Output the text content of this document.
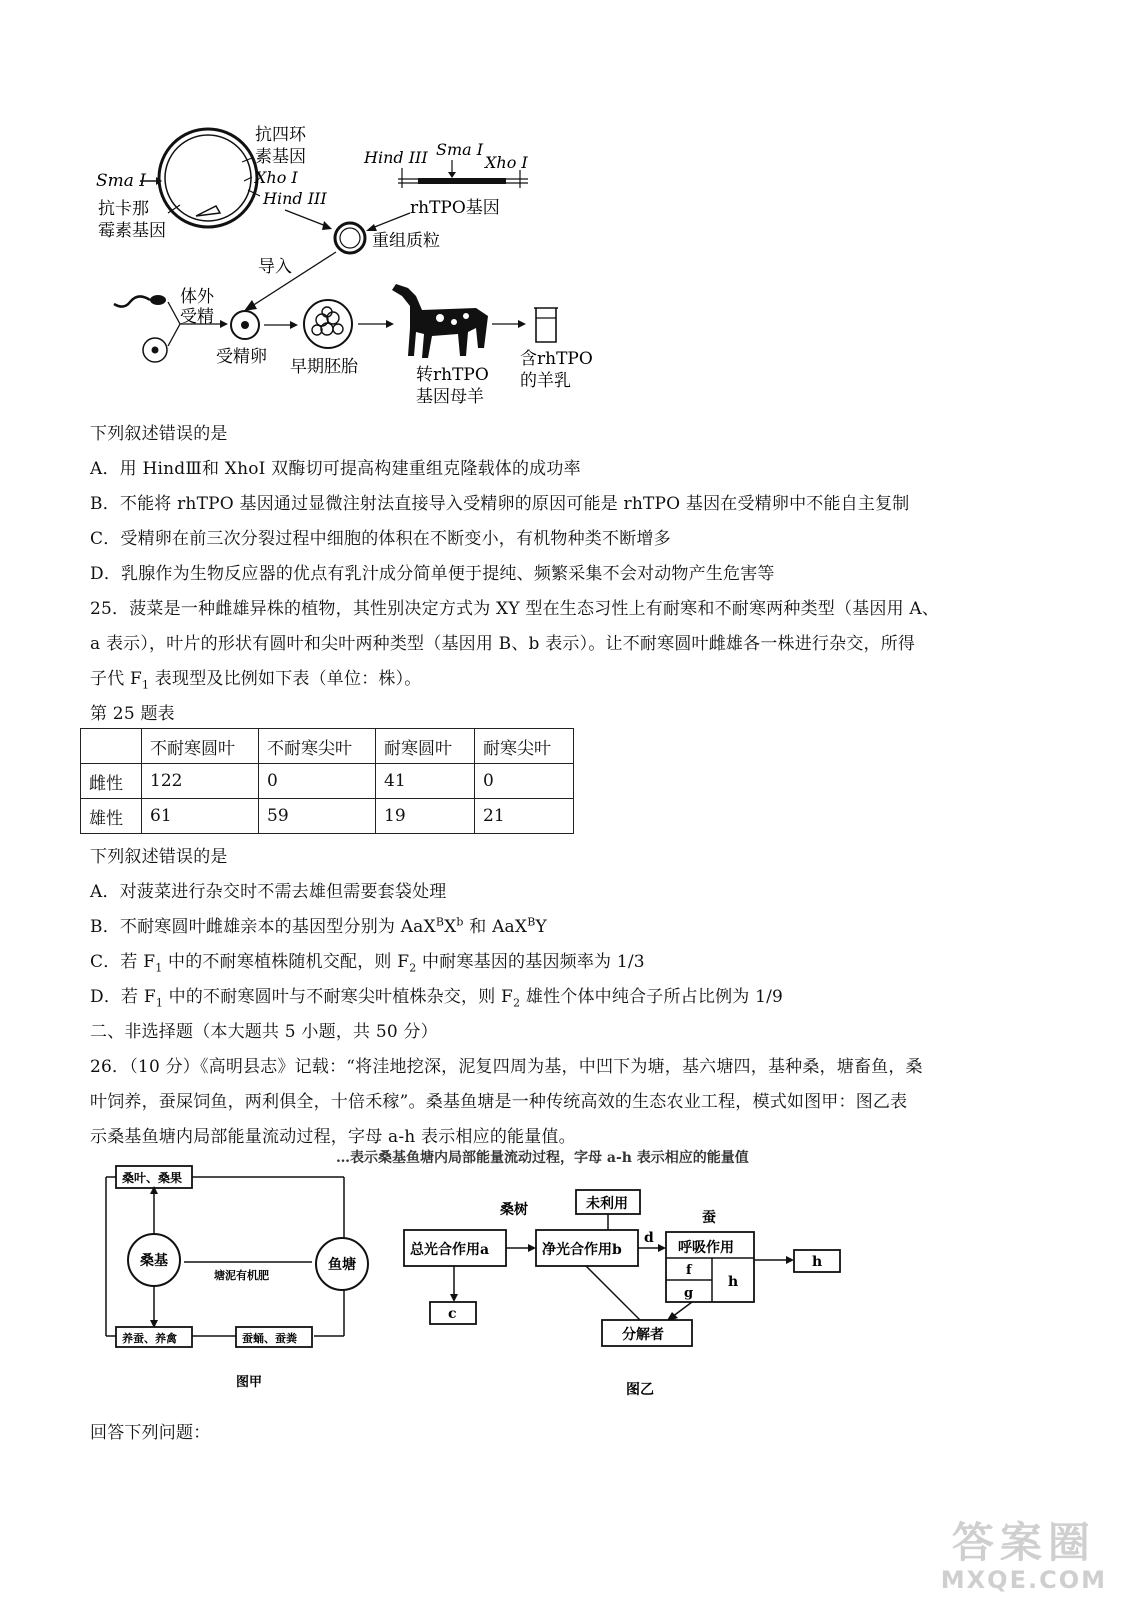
Sma I
抗卡那
霉素基因
抗四环
素基因
Xho I
Hind III
Hind III Sma I
Xho I
rhTPO基因
重组质粒
导入
体外
受精
受精卵 早期胚胎	转rhTPO
基因母羊
含rhTPO
的羊乳
下列叙述错误的是
A．用 HindⅢ和 XhoI 双酶切可提高构建重组克隆载体的成功率
B．不能将 rhTPO 基因通过显微注射法直接导入受精卵的原因可能是 rhTPO 基因在受精卵中不能自主复制
C．受精卵在前三次分裂过程中细胞的体积在不断变小，有机物种类不断增多
D．乳腺作为生物反应器的优点有乳汁成分简单便于提纯、频繁采集不会对动物产生危害等
25．菠菜是一种雌雄异株的植物，其性别决定方式为 XY 型在生态习性上有耐寒和不耐寒两种类型（基因用 A、
a 表示），叶片的形状有圆叶和尖叶两种类型（基因用 B、b 表示）。让不耐寒圆叶雌雄各一株进行杂交，所得
子代 $F_1$ 表现型及比例如下表（单位：株）。
第 25 题表
	不耐寒圆叶	不耐寒尖叶	耐寒圆叶	耐寒尖叶
雌性	122	0	41	0
雄性	61	59	19	21
下列叙述错误的是
A．对菠菜进行杂交时不需去雄但需要套袋处理
B．不耐寒圆叶雌雄亲本的基因型分别为 $AaX^BX^b$ 和 AaX$^B$Y
C．若 $F_1$ 中的不耐寒植株随机交配，则 $F_2$ 中耐寒基因的基因频率为 1/3
D．若 $F_1$ 中的不耐寒圆叶与不耐寒尖叶植株杂交，则 $F_2$ 雄性个体中纯合子所占比例为 1/9
二、非选择题（本大题共 5 小题，共 50 分）
26．（10 分）《高明县志》记载：“将洼地挖深，泥复四周为基，中凹下为塘，基六塘四，基种桑，塘畜鱼，桑
叶饲养，蚕屎饲鱼，两利俱全，十倍禾稼”。桑基鱼塘是一种传统高效的生态农业工程，模式如图甲：图乙表
示桑基鱼塘内局部能量流动过程，字母 a-h 表示相应的能量值。
桑叶、桑果
桑基	鱼塘
塘泥有机肥
养蚕、养禽	蚕蛹、蚕粪
图甲
…表示桑基鱼塘内局部能量流动过程，字母 a-h 表示相应的能量值
桑树	蚕
未利用
总光合作用a	净光合作用b
d
呼吸作用
f
g
h
h
c
分解者
图乙
回答下列问题：
答案圈
MXQE.COM
